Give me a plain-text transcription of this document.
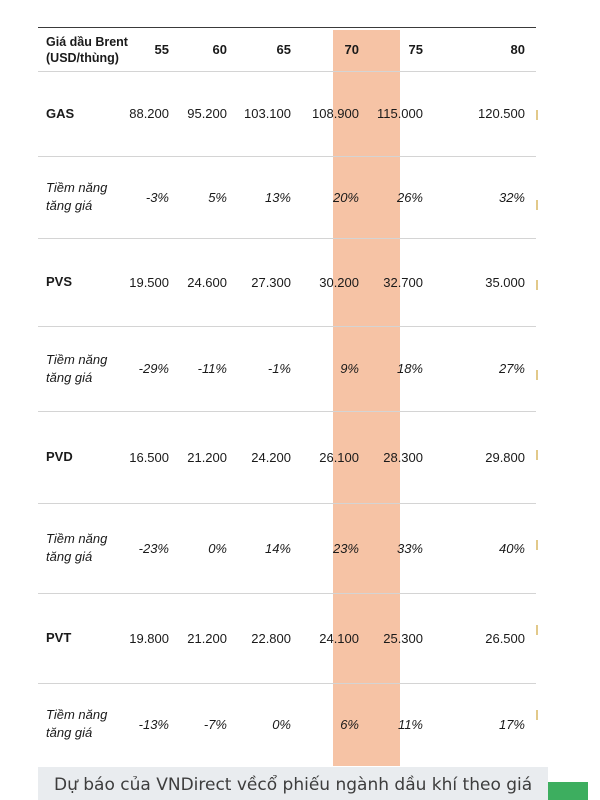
Giá dầu Brent
(USD/thùng)
55	60	65	70	75	80
GAS	88.200	95.200	103.100	108.900	115.000	120.500
Tiềm năng
tăng giá
-3%	5%	13%	20%	26%	32%
PVS	19.500	24.600	27.300	30.200	32.700	35.000
Tiềm năng
tăng giá
-29%	-11%	-1%	9%	18%	27%
PVD	16.500	21.200	24.200	26.100	28.300	29.800
Tiềm năng
tăng giá
-23%	0%	14%	23%	33%	40%
PVT	19.800	21.200	22.800	24.100	25.300	26.500
Tiềm năng
tăng giá
-13%	-7%	0%	6%	11%	17%
Dự báo của VNDirect vềcổ phiếu ngành dầu khí theo giá
